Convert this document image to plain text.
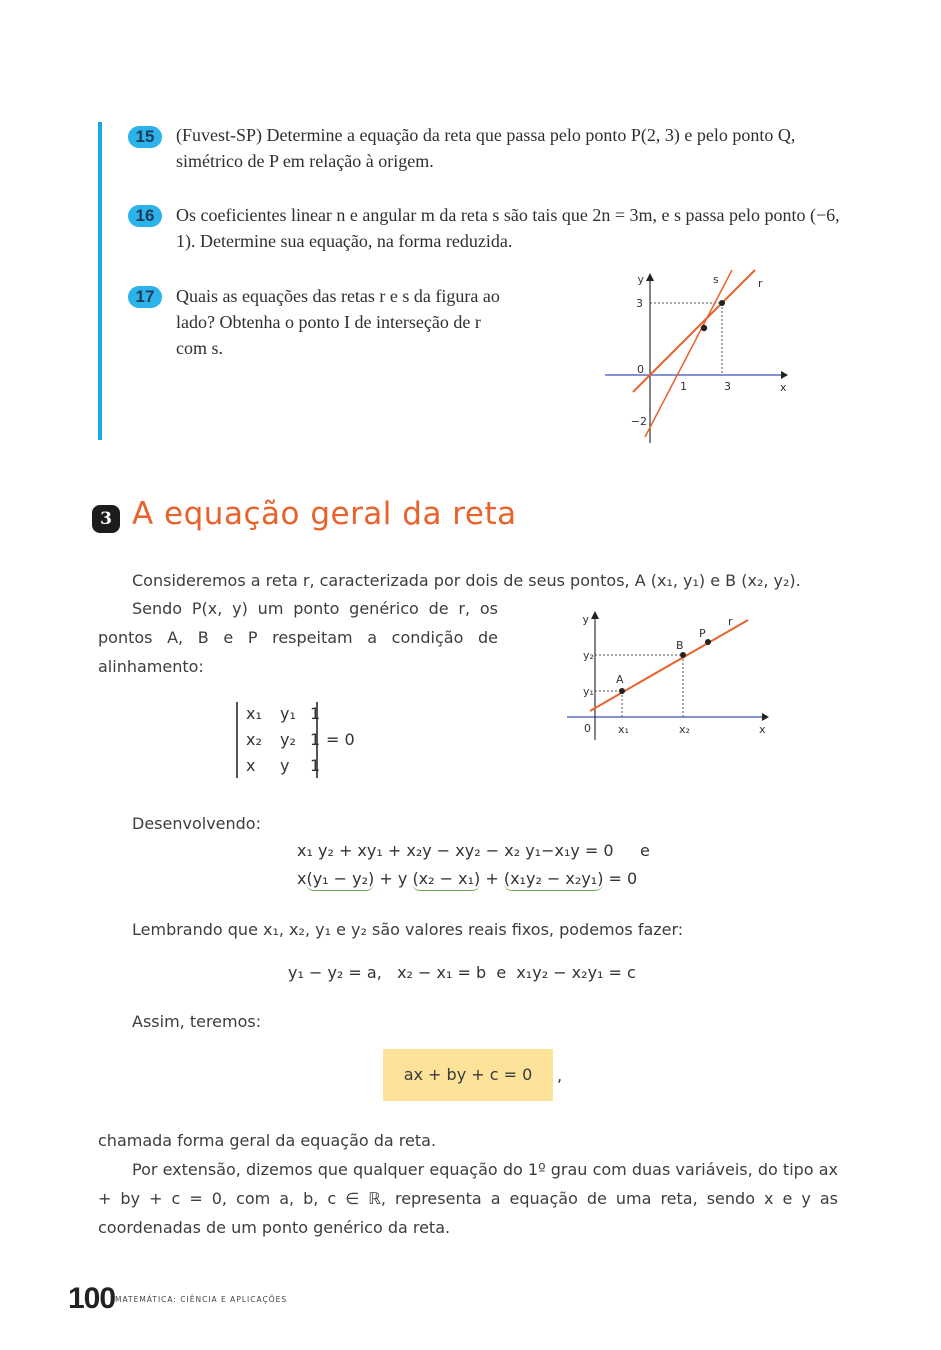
15	(Fuvest-SP) Determine a equação da reta que passa pelo ponto P(2, 3) e pelo ponto Q, simétrico de P em relação à origem.
16	Os coeficientes linear n e angular m da reta s são tais que 2n = 3m, e s passa pelo ponto (−6, 1). Determine sua equação, na forma reduzida.
17	Quais as equações das retas r e s da figura ao lado? Obtenha o ponto I de interseção de r com s.
y
x
s	r
0
1	3
3
−2
3 A equação geral da reta
Consideremos a reta r, caracterizada por dois de seus pontos, A (x₁, y₁) e B (x₂, y₂).
Sendo P(x, y) um ponto genérico de r, os pontos A, B e P respeitam a condição de alinhamento:
x₁ y₁ 1
x₂ y₂ 1
x y 1
= 0
y
x
r
0 x₁	x₂
y₁
y₂
A
B
P
Desenvolvendo:
x₁ y₂ + xy₁ + x₂y − xy₂ − x₂ y₁−x₁y = 0 e
x(y₁ − y₂) + y (x₂ − x₁) + (x₁y₂ − x₂y₁) = 0
Lembrando que x₁, x₂, y₁ e y₂ são valores reais fixos, podemos fazer:
y₁ − y₂ = a,   x₂ − x₁ = b  e  x₁y₂ − x₂y₁ = c
Assim, teremos:
ax + by + c = 0	,
chamada forma geral da equação da reta.
Por extensão, dizemos que qualquer equação do 1º grau com duas variáveis, do tipo ax + by + c = 0, com a, b, c ∈ ℝ, representa a equação de uma reta, sendo x e y as coordenadas de um ponto genérico da reta.
100 MATEMÁTICA: CIÊNCIA E APLICAÇÕES
